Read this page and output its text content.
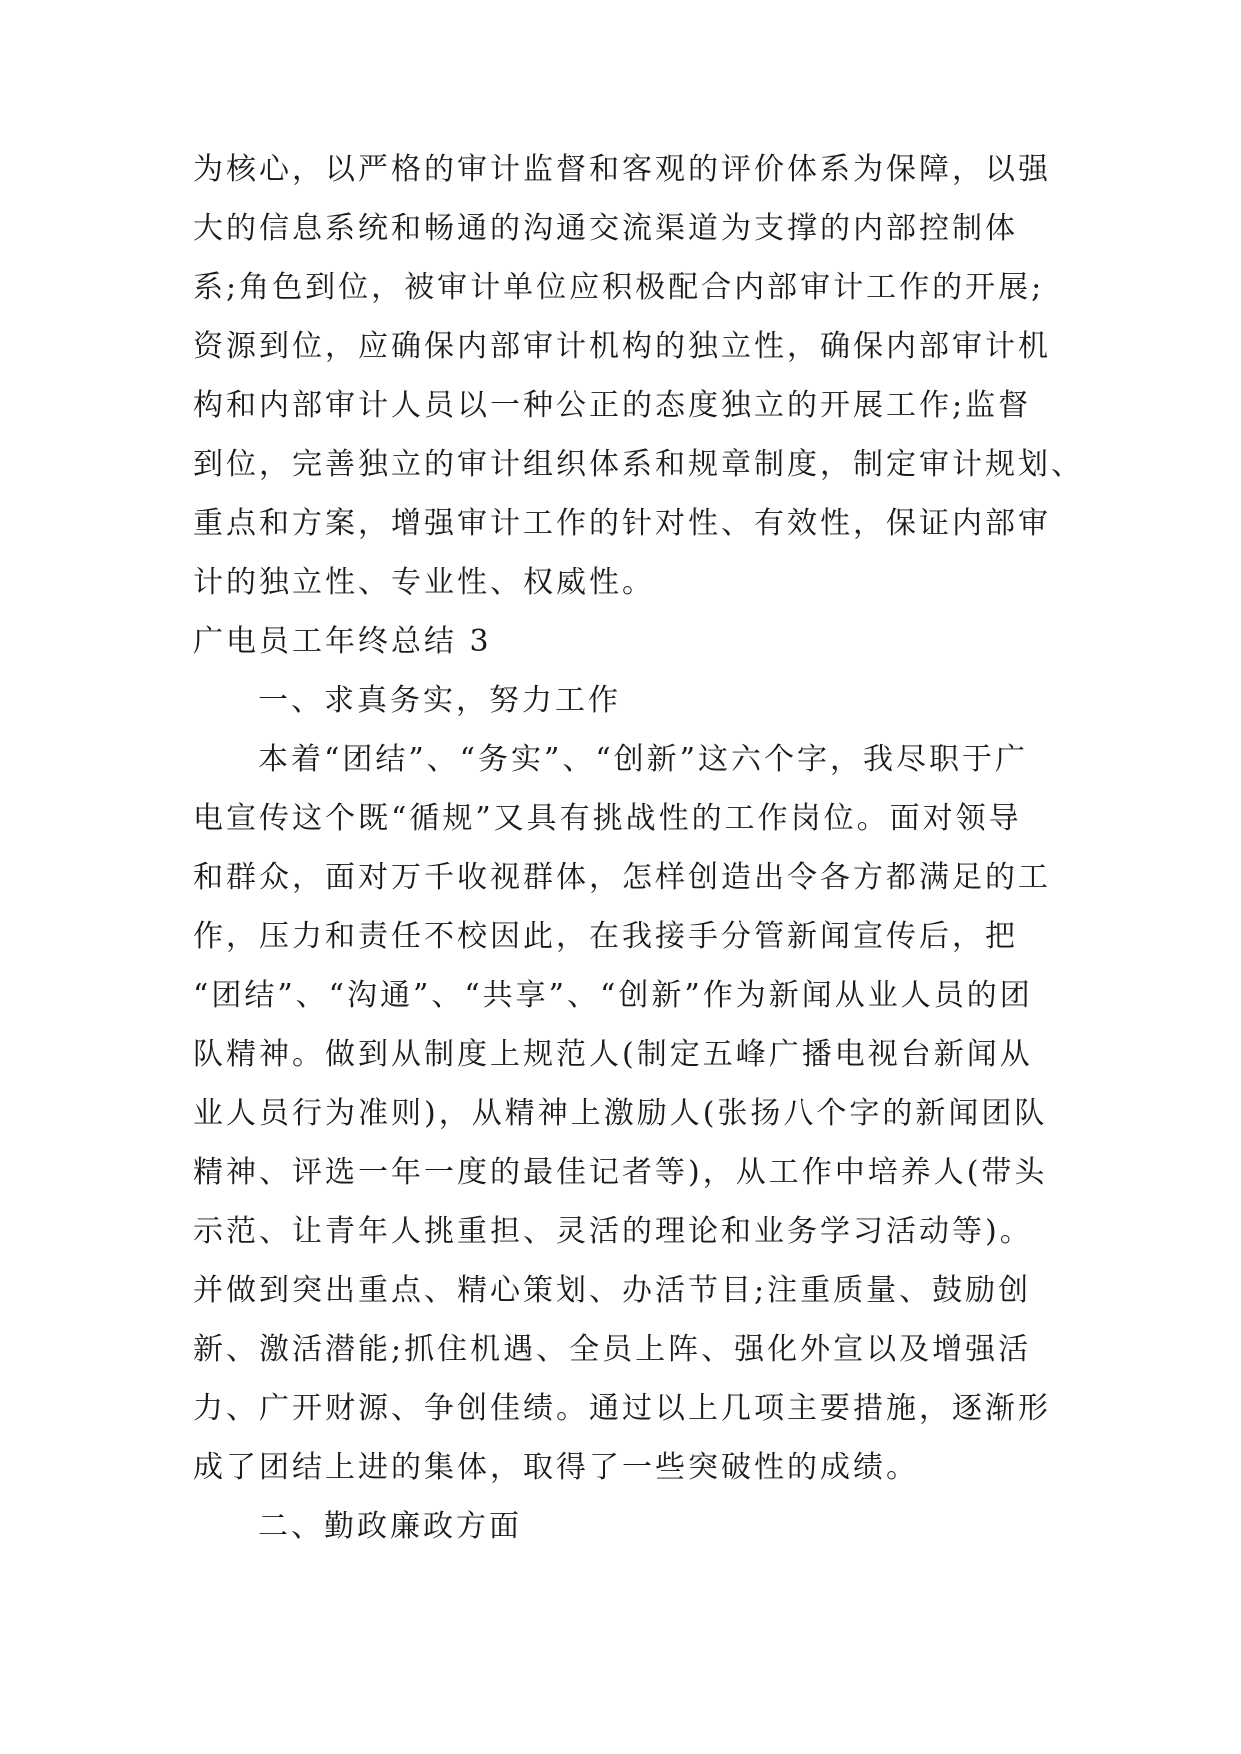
为核心，以严格的审计监督和客观的评价体系为保障，以强
大的信息系统和畅通的沟通交流渠道为支撑的内部控制体
系;角色到位，被审计单位应积极配合内部审计工作的开展;
资源到位，应确保内部审计机构的独立性，确保内部审计机
构和内部审计人员以一种公正的态度独立的开展工作;监督
到位，完善独立的审计组织体系和规章制度，制定审计规划、
重点和方案，增强审计工作的针对性、有效性，保证内部审
计的独立性、专业性、权威性。
广电员工年终总结 3
一、求真务实，努力工作
本着“团结”、“务实”、“创新”这六个字，我尽职于广
电宣传这个既“循规”又具有挑战性的工作岗位。面对领导
和群众，面对万千收视群体，怎样创造出令各方都满足的工
作，压力和责任不校因此，在我接手分管新闻宣传后，把
“团结”、“沟通”、“共享”、“创新”作为新闻从业人员的团
队精神。做到从制度上规范人(制定五峰广播电视台新闻从
业人员行为准则)，从精神上激励人(张扬八个字的新闻团队
精神、评选一年一度的最佳记者等)，从工作中培养人(带头
示范、让青年人挑重担、灵活的理论和业务学习活动等)。
并做到突出重点、精心策划、办活节目;注重质量、鼓励创
新、激活潜能;抓住机遇、全员上阵、强化外宣以及增强活
力、广开财源、争创佳绩。通过以上几项主要措施，逐渐形
成了团结上进的集体，取得了一些突破性的成绩。
二、勤政廉政方面
